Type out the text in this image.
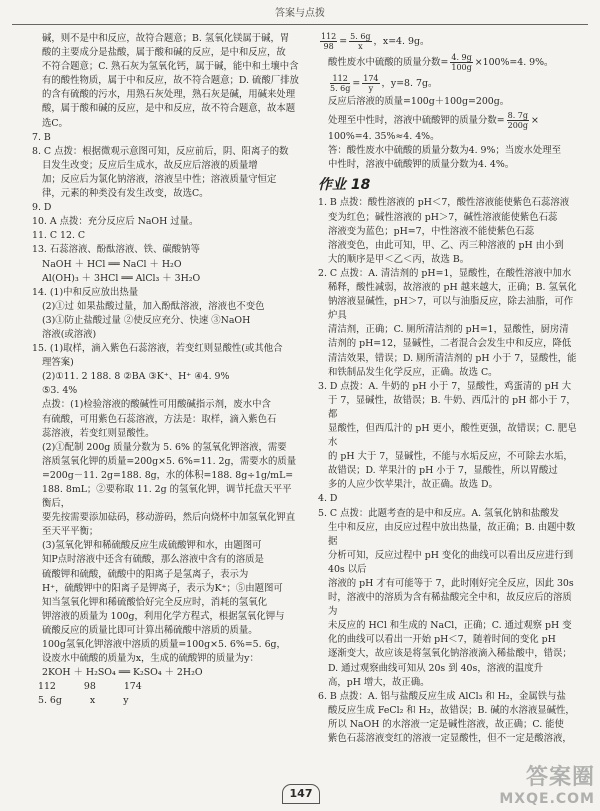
答案与点拨

碱，则不是中和反应，故符合题意；B. 氢氧化镁属于碱，胃

酸的主要成分是盐酸，属于酸和碱的反应，是中和反应，故

不符合题意；C. 熟石灰为氢氧化钙，属于碱，能中和土壤中含

有的酸性物质，属于中和反应，故不符合题意；D. 硫酸厂排放

的含有硫酸的污水，用熟石灰处理，熟石灰是碱，用碱来处理

酸，属于酸和碱的反应，是中和反应，故不符合题意，故本题

选C。

7. B

8. C 点拨：根据微观示意图可知，反应前后，阴、阳离子的数

目发生改变；反应后生成水，故反应后溶液的质量增

加；反应后为氯化钠溶液，溶液呈中性；溶液质量守恒定

律，元素的种类没有发生改变，故选C。

9. D

10. A 点拨：充分反应后 NaOH 过量。

11. C 12. C

13. 石蕊溶液、酚酞溶液、铁、碳酸钠等

NaOH ＋ HCl ══ NaCl ＋ H₂O

Al(OH)₃ ＋ 3HCl ══ AlCl₃ ＋ 3H₂O

14. (1)中和反应放出热量

(2)①过 如果盐酸过量，加入酚酞溶液，溶液也不变色

(3)①防止盐酸过量 ②使反应充分、快速 ③NaOH

溶液(或溶液)

15. (1)取样，滴入紫色石蕊溶液，若变红则显酸性(或其他合

理答案)

(2)①11. 2 188. 8 ②BA ③K⁺、H⁺ ④4. 9%

⑤3. 4%

点拨：(1)检验溶液的酸碱性可用酸碱指示剂，废水中含

有硫酸，可用紫色石蕊溶液，方法是：取样，滴入紫色石

蕊溶液，若变红则显酸性。

(2)①配制 200g 质量分数为 5. 6% 的氢氧化钾溶液，需要

溶质氢氧化钾的质量=200g×5. 6%=11. 2g，需要水的质量

=200g－11. 2g=188. 8g，水的体积=188. 8g÷1g/mL=

188. 8mL；②要称取 11. 2g 的氢氧化钾，调节托盘天平平衡后，

要先按需要添加砝码，移动游码，然后向烧杯中加氢氧化钾直至天平平衡；

(3)氢氧化钾和稀硫酸反应生成硫酸钾和水，由题图可

知P点时溶液中还含有硫酸，那么溶液中含有的溶质是

硫酸钾和硫酸，硫酸中的阳离子是氢离子，表示为

H⁺，硫酸钾中的阳离子是钾离子，表示为K⁺；⑤由题图可

知当氢氧化钾和稀硫酸恰好完全反应时，消耗的氢氧化

钾溶液的质量为 100g，利用化学方程式，根据氢氧化钾与

硫酸反应的质量比即可计算出稀硫酸中溶质的质量。

100g氢氧化钾溶液中溶质的质量=100g×5. 6%=5. 6g，

设废水中硫酸的质量为x，生成的硫酸钾的质量为y：

2KOH ＋ H₂SO₄ ══ K₂SO₄ ＋ 2H₂O

112	98	174
5. 6g	x	y

$\frac{112}{98} = \frac{5. 6g}{x}$ ，x=4. 9g。

酸性废水中硫酸的质量分数= $\frac{4. 9g}{100g} \times 100\%=4$. 9%。

$\frac{112}{5. 6g} = \frac{174}{y}$ ，y=8. 7g。

反应后溶液的质量=100g＋100g=200g。

处理至中性时，溶液中硫酸钾的质量分数= $\frac{8. 7g}{200g}$ ×

100%=4. 35%≈4. 4%。

答：酸性废水中硫酸的质量分数为4. 9%；当废水处理至

中性时，溶液中硫酸钾的质量分数为4. 4%。

作业 18

1. B 点拨：酸性溶液的 pH＜7，酸性溶液能使紫色石蕊溶液

变为红色；碱性溶液的 pH＞7，碱性溶液能使紫色石蕊

溶液变为蓝色；pH=7，中性溶液不能使紫色石蕊

溶液变色，由此可知，甲、乙、丙三种溶液的 pH 由小到

大的顺序是甲＜乙＜丙，故选 B。

2. C 点拨：A. 清洁剂的 pH=1，显酸性，在酸性溶液中加水

稀释，酸性减弱，故溶液的 pH 越来越大，正确；B. 氢氧化

钠溶液显碱性，pH＞7，可以与油脂反应，除去油脂，可作炉具

清洁剂，正确；C. 厕所清洁剂的 pH=1，显酸性，厨房清

洁剂的 pH=12，显碱性，二者混合会发生中和反应，降低

清洁效果，错误；D. 厕所清洁剂的 pH 小于 7，显酸性，能

和铁制品发生化学反应，正确。故选 C。

3. D 点拨：A. 牛奶的 pH 小于 7，显酸性，鸡蛋清的 pH 大

于 7，显碱性，故错误；B. 牛奶、西瓜汁的 pH 都小于 7，都

显酸性，但西瓜汁的 pH 更小，酸性更强，故错误；C. 肥皂水

的 pH 大于 7，显碱性，不能与水垢反应，不可除去水垢，

故错误；D. 苹果汁的 pH 小于 7，显酸性，所以胃酸过

多的人应少饮苹果汁，故正确。故选 D。

4. D

5. C 点拨：此题考查的是中和反应。A. 氢氧化钠和盐酸发

生中和反应，由反应过程中放出热量，故正确；B. 由题中数据

分析可知，反应过程中 pH 变化的曲线可以看出反应进行到 40s 以后

溶液的 pH 才有可能等于 7，此时刚好完全反应，因此 30s

时，溶液中的溶质为含有稀盐酸完全中和，故反应后的溶质为

未反应的 HCl 和生成的 NaCl，正确；C. 通过观察 pH 变

化的曲线可以看出一开始 pH＜7，随着时间的变化 pH

逐渐变大，故应该是将氢氧化钠溶液滴入稀盐酸中，错误；

D. 通过观察曲线可知从 20s 到 40s，溶液的温度升

高，pH 增大，故正确。

6. B 点拨：A. 铝与盐酸反应生成 AlCl₃ 和 H₂，金属铁与盐

酸反应生成 FeCl₂ 和 H₂，故错误；B. 碱的水溶液显碱性，

所以 NaOH 的水溶液一定是碱性溶液，故正确；C. 能使

紫色石蕊溶液变红的溶液一定显酸性，但不一定是酸溶液，

147
答案圈
MXQE.COM
